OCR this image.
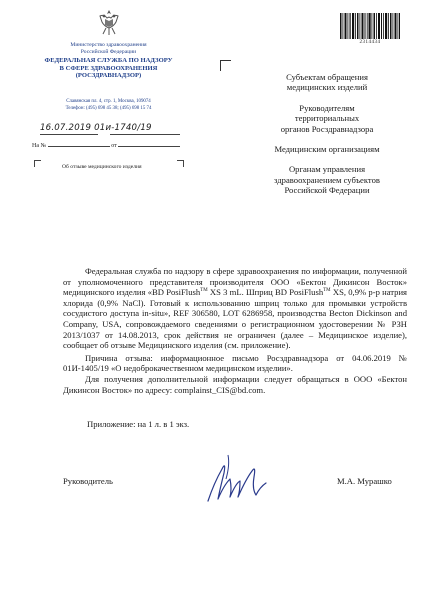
Министерство здравоохранения
Российской Федерации
ФЕДЕРАЛЬНАЯ СЛУЖБА ПО НАДЗОРУ
В СФЕРЕ ЗДРАВООХРАНЕНИЯ
(РОСЗДРАВНАДЗОР)
Славянская пл. 4, стр. 1, Москва, 109074
Телефон: (495) 698 45 38; (495) 698 15 74
16.07.2019 01и-1740/19
На №	от
Об отзыве медицинского изделия
2314434
Субъектам обращения
медицинских изделий
Руководителям
территориальных
органов Росздравнадзора
Медицинским организациям
Органам управления
здравоохранением субъектов
Российской Федерации

Федеральная служба по надзору в сфере здравоохранения по информации, полученной от уполномоченного представителя производителя ООО «Бектон Дикинсон Восток» медицинского изделия «BD PosiFlush™ XS 3 mL. Шприц BD PosiFlush™ XS, 0,9% р-р натрия хлорида (0,9% NaCl). Готовый к использованию шприц только для промывки устройств сосудистого доступа in-situ», REF 306580, LOT 6286958, производства Becton Dickinson and Company, USA, сопровождаемого сведениями о регистрационном удостоверении № РЗН 2013/1037 от 14.08.2013, срок действия не ограничен (далее – Медицинское изделие), сообщает об отзыве Медицинского изделия (см. приложение).

Причина отзыва: информационное письмо Росздравнадзора от 04.06.2019 № 01И-1405/19 «О недоброкачественном медицинском изделии».

Для получения дополнительной информации следует обращаться в ООО «Бектон Дикинсон Восток» по адресу: complainst_CIS@bd.com.

Приложение: на 1 л. в 1 экз.
Руководитель	М.А. Мурашко
